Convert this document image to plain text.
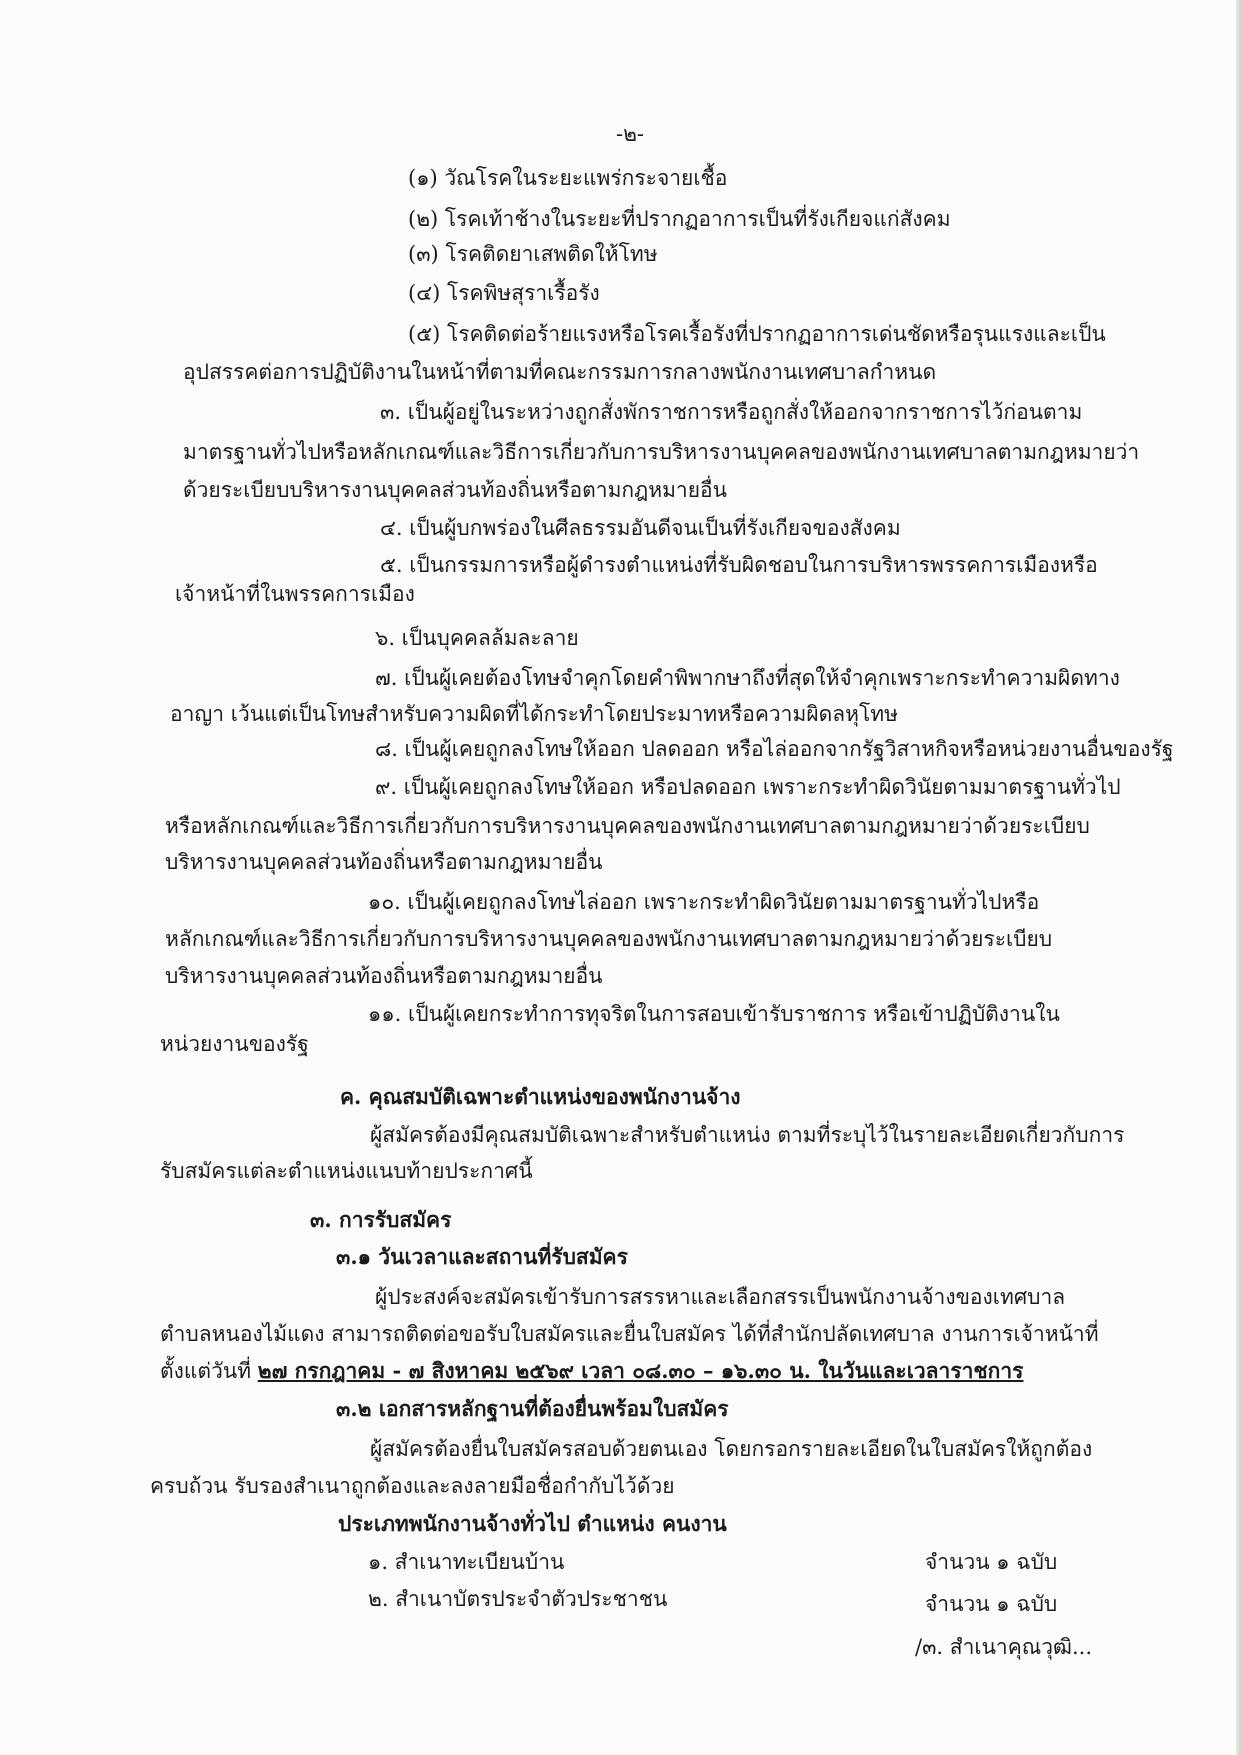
-๒-
(๑) วัณโรคในระยะแพร่กระจายเชื้อ
(๒) โรคเท้าช้างในระยะที่ปรากฏอาการเป็นที่รังเกียจแก่สังคม
(๓) โรคติดยาเสพติดให้โทษ
(๔) โรคพิษสุราเรื้อรัง
(๕) โรคติดต่อร้ายแรงหรือโรคเรื้อรังที่ปรากฏอาการเด่นชัดหรือรุนแรงและเป็น
อุปสรรคต่อการปฏิบัติงานในหน้าที่ตามที่คณะกรรมการกลางพนักงานเทศบาลกำหนด
๓. เป็นผู้อยู่ในระหว่างถูกสั่งพักราชการหรือถูกสั่งให้ออกจากราชการไว้ก่อนตาม
มาตรฐานทั่วไปหรือหลักเกณฑ์และวิธีการเกี่ยวกับการบริหารงานบุคคลของพนักงานเทศบาลตามกฎหมายว่า
ด้วยระเบียบบริหารงานบุคคลส่วนท้องถิ่นหรือตามกฎหมายอื่น
๔. เป็นผู้บกพร่องในศีลธรรมอันดีจนเป็นที่รังเกียจของสังคม
๕. เป็นกรรมการหรือผู้ดำรงตำแหน่งที่รับผิดชอบในการบริหารพรรคการเมืองหรือ
เจ้าหน้าที่ในพรรคการเมือง
๖. เป็นบุคคลล้มละลาย
๗. เป็นผู้เคยต้องโทษจำคุกโดยคำพิพากษาถึงที่สุดให้จำคุกเพราะกระทำความผิดทาง
อาญา เว้นแต่เป็นโทษสำหรับความผิดที่ได้กระทำโดยประมาทหรือความผิดลหุโทษ
๘. เป็นผู้เคยถูกลงโทษให้ออก ปลดออก หรือไล่ออกจากรัฐวิสาหกิจหรือหน่วยงานอื่นของรัฐ
๙. เป็นผู้เคยถูกลงโทษให้ออก หรือปลดออก เพราะกระทำผิดวินัยตามมาตรฐานทั่วไป
หรือหลักเกณฑ์และวิธีการเกี่ยวกับการบริหารงานบุคคลของพนักงานเทศบาลตามกฎหมายว่าด้วยระเบียบ
บริหารงานบุคคลส่วนท้องถิ่นหรือตามกฎหมายอื่น
๑๐. เป็นผู้เคยถูกลงโทษไล่ออก เพราะกระทำผิดวินัยตามมาตรฐานทั่วไปหรือ
หลักเกณฑ์และวิธีการเกี่ยวกับการบริหารงานบุคคลของพนักงานเทศบาลตามกฎหมายว่าด้วยระเบียบ
บริหารงานบุคคลส่วนท้องถิ่นหรือตามกฎหมายอื่น
๑๑. เป็นผู้เคยกระทำการทุจริตในการสอบเข้ารับราชการ หรือเข้าปฏิบัติงานใน
หน่วยงานของรัฐ
ค. คุณสมบัติเฉพาะตำแหน่งของพนักงานจ้าง
ผู้สมัครต้องมีคุณสมบัติเฉพาะสำหรับตำแหน่ง ตามที่ระบุไว้ในรายละเอียดเกี่ยวกับการ
รับสมัครแต่ละตำแหน่งแนบท้ายประกาศนี้
๓. การรับสมัคร
๓.๑ วันเวลาและสถานที่รับสมัคร
ผู้ประสงค์จะสมัครเข้ารับการสรรหาและเลือกสรรเป็นพนักงานจ้างของเทศบาล
ตำบลหนองไม้แดง สามารถติดต่อขอรับใบสมัครและยื่นใบสมัคร ได้ที่สำนักปลัดเทศบาล งานการเจ้าหน้าที่
ตั้งแต่วันที่ ๒๗ กรกฎาคม - ๗ สิงหาคม ๒๕๖๙ เวลา ๐๘.๓๐ – ๑๖.๓๐ น. ในวันและเวลาราชการ
๓.๒ เอกสารหลักฐานที่ต้องยื่นพร้อมใบสมัคร
ผู้สมัครต้องยื่นใบสมัครสอบด้วยตนเอง โดยกรอกรายละเอียดในใบสมัครให้ถูกต้อง
ครบถ้วน รับรองสำเนาถูกต้องและลงลายมือชื่อกำกับไว้ด้วย
ประเภทพนักงานจ้างทั่วไป ตำแหน่ง คนงาน
๑. สำเนาทะเบียนบ้าน	จำนวน ๑ ฉบับ
๒. สำเนาบัตรประจำตัวประชาชน	จำนวน ๑ ฉบับ
/๓. สำเนาคุณวุฒิ...
